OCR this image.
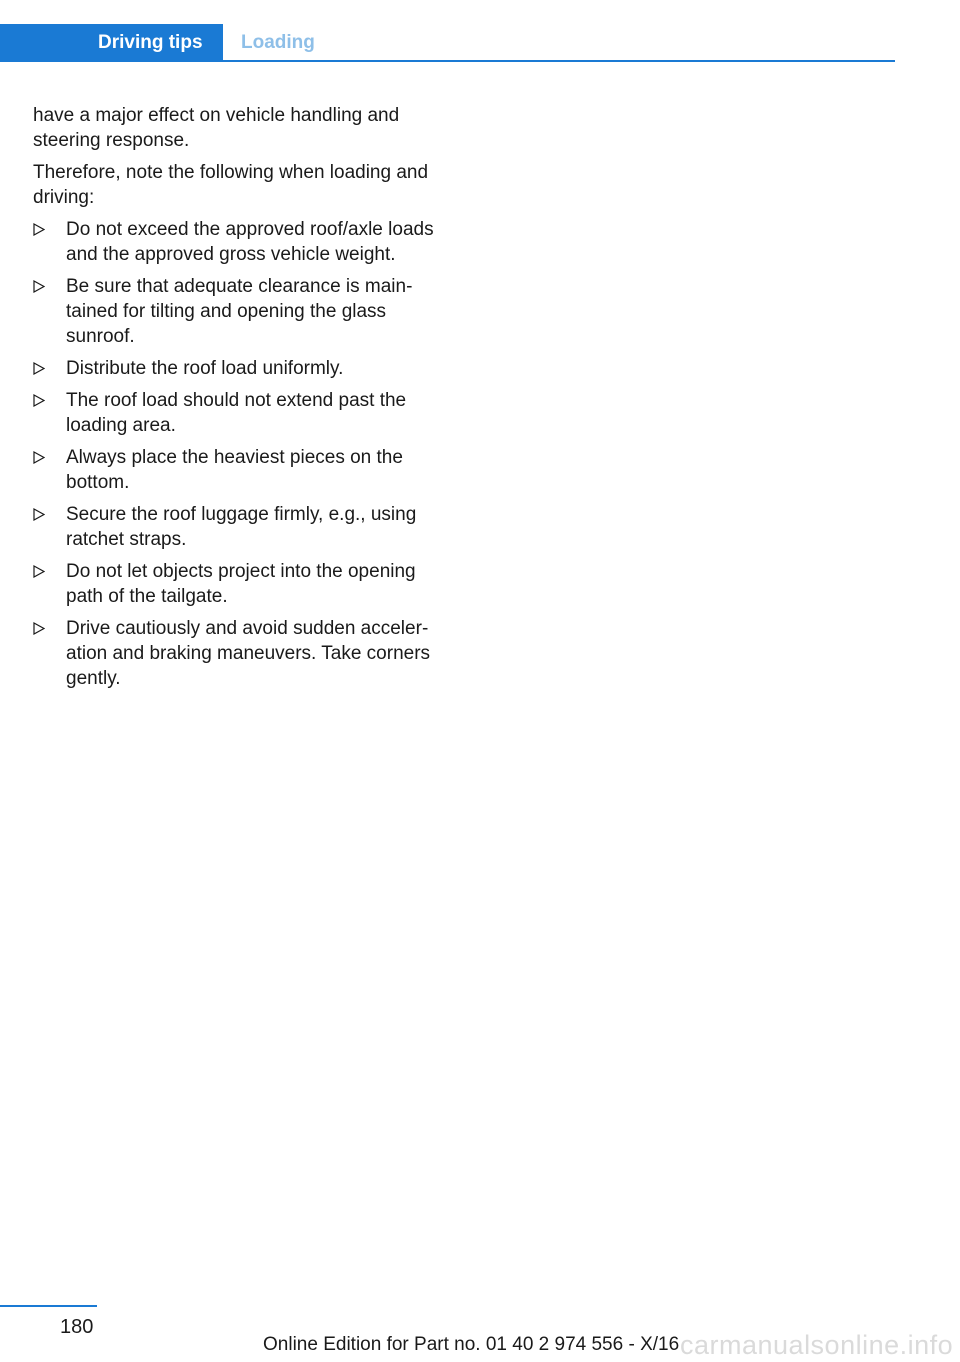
Driving tips	Loading

have a major effect on vehicle handling and steering response.

Therefore, note the following when loading and driving:

Do not exceed the approved roof/axle loads and the approved gross vehicle weight.
Be sure that adequate clearance is maintained for tilting and opening the glass sunroof.
Distribute the roof load uniformly.
The roof load should not extend past the loading area.
Always place the heaviest pieces on the bottom.
Secure the roof luggage firmly, e.g., using ratchet straps.
Do not let objects project into the opening path of the tailgate.
Drive cautiously and avoid sudden acceleration and braking maneuvers. Take corners gently.
180
Online Edition for Part no. 01 40 2 974 556 - X/16 carmanualsonline.info
